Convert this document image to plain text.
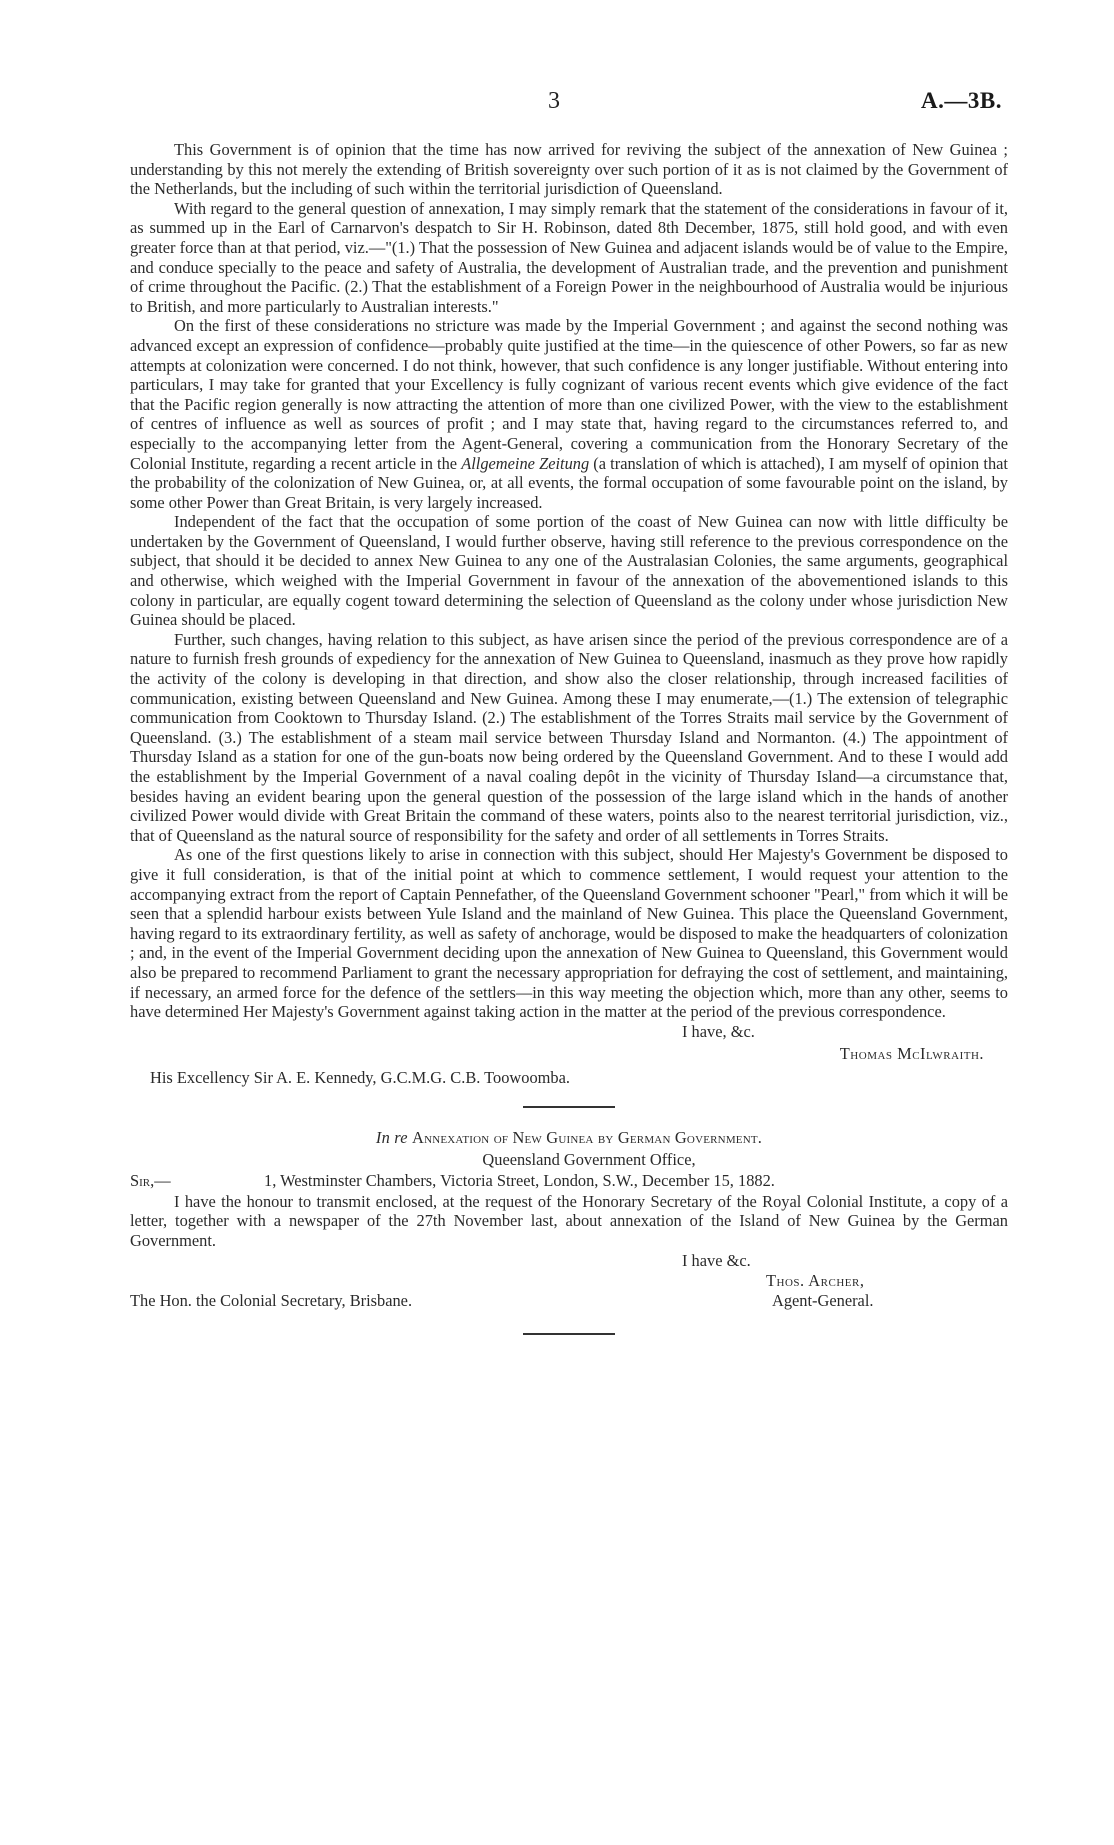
3	A.—3B.

This Government is of opinion that the time has now arrived for reviving the subject of the annexation of New Guinea ; understanding by this not merely the extending of British sovereignty over such portion of it as is not claimed by the Government of the Netherlands, but the including of such within the territorial jurisdiction of Queensland.

With regard to the general question of annexation, I may simply remark that the statement of the considerations in favour of it, as summed up in the Earl of Carnarvon's despatch to Sir H. Robinson, dated 8th December, 1875, still hold good, and with even greater force than at that period, viz.—"(1.) That the possession of New Guinea and adjacent islands would be of value to the Empire, and conduce specially to the peace and safety of Australia, the development of Australian trade, and the prevention and punishment of crime throughout the Pacific. (2.) That the establishment of a Foreign Power in the neighbourhood of Australia would be injurious to British, and more particularly to Australian interests."

On the first of these considerations no stricture was made by the Imperial Government ; and against the second nothing was advanced except an expression of confidence—probably quite justified at the time—in the quiescence of other Powers, so far as new attempts at colonization were concerned. I do not think, however, that such confidence is any longer justifiable. Without entering into particulars, I may take for granted that your Excellency is fully cognizant of various recent events which give evidence of the fact that the Pacific region generally is now attracting the attention of more than one civilized Power, with the view to the establishment of centres of influence as well as sources of profit ; and I may state that, having regard to the circumstances referred to, and especially to the accompanying letter from the Agent-General, covering a communication from the Honorary Secretary of the Colonial Institute, regarding a recent article in the Allgemeine Zeitung (a translation of which is attached), I am myself of opinion that the probability of the colonization of New Guinea, or, at all events, the formal occupation of some favourable point on the island, by some other Power than Great Britain, is very largely increased.

Independent of the fact that the occupation of some portion of the coast of New Guinea can now with little difficulty be undertaken by the Government of Queensland, I would further observe, having still reference to the previous correspondence on the subject, that should it be decided to annex New Guinea to any one of the Australasian Colonies, the same arguments, geographical and otherwise, which weighed with the Imperial Government in favour of the annexation of the abovementioned islands to this colony in particular, are equally cogent toward determining the selection of Queensland as the colony under whose jurisdiction New Guinea should be placed.

Further, such changes, having relation to this subject, as have arisen since the period of the previous correspondence are of a nature to furnish fresh grounds of expediency for the annexation of New Guinea to Queensland, inasmuch as they prove how rapidly the activity of the colony is developing in that direction, and show also the closer relationship, through increased facilities of communication, existing between Queensland and New Guinea. Among these I may enumerate,—(1.) The extension of telegraphic communication from Cooktown to Thursday Island. (2.) The establishment of the Torres Straits mail service by the Government of Queensland. (3.) The establishment of a steam mail service between Thursday Island and Normanton. (4.) The appointment of Thursday Island as a station for one of the gun-boats now being ordered by the Queensland Government. And to these I would add the establishment by the Imperial Government of a naval coaling depôt in the vicinity of Thursday Island—a circumstance that, besides having an evident bearing upon the general question of the possession of the large island which in the hands of another civilized Power would divide with Great Britain the command of these waters, points also to the nearest territorial jurisdiction, viz., that of Queensland as the natural source of responsibility for the safety and order of all settlements in Torres Straits.

As one of the first questions likely to arise in connection with this subject, should Her Majesty's Government be disposed to give it full consideration, is that of the initial point at which to commence settlement, I would request your attention to the accompanying extract from the report of Captain Pennefather, of the Queensland Government schooner "Pearl," from which it will be seen that a splendid harbour exists between Yule Island and the mainland of New Guinea. This place the Queensland Government, having regard to its extraordinary fertility, as well as safety of anchorage, would be disposed to make the headquarters of colonization ; and, in the event of the Imperial Government deciding upon the annexation of New Guinea to Queensland, this Government would also be prepared to recommend Parliament to grant the necessary appropriation for defraying the cost of settlement, and maintaining, if necessary, an armed force for the defence of the settlers—in this way meeting the objection which, more than any other, seems to have determined Her Majesty's Government against taking action in the matter at the period of the previous correspondence.

I have, &c.
Thomas McIlwraith.
His Excellency Sir A. E. Kennedy, G.C.M.G. C.B. Toowoomba.
In re Annexation of New Guinea by German Government.
Queensland Government Office,
Sir,—	1, Westminster Chambers, Victoria Street, London, S.W., December 15, 1882.

I have the honour to transmit enclosed, at the request of the Honorary Secretary of the Royal Colonial Institute, a copy of a letter, together with a newspaper of the 27th November last, about annexation of the Island of New Guinea by the German Government.

I have &c.
Thos. Archer,
The Hon. the Colonial Secretary, Brisbane.	Agent-General.
